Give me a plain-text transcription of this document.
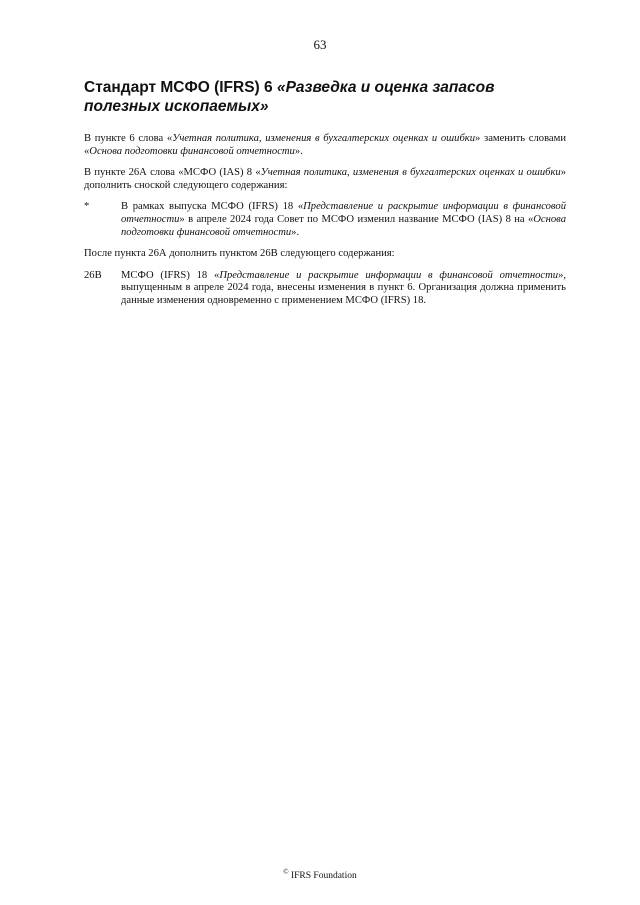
63
Стандарт МСФО (IFRS) 6 «Разведка и оценка запасов полезных ископаемых»

В пункте 6 слова «Учетная политика, изменения в бухгалтерских оценках и ошибки» заменить словами «Основа подготовки финансовой отчетности».

В пункте 26А слова «МСФО (IAS) 8 «Учетная политика, изменения в бухгалтерских оценках и ошибки» дополнить сноской следующего содержания:

*	В рамках выпуска МСФО (IFRS) 18 «Представление и раскрытие информации в финансовой отчетности» в апреле 2024 года Совет по МСФО изменил название МСФО (IAS) 8 на «Основа подготовки финансовой отчетности».

После пункта 26А дополнить пунктом 26В следующего содержания:

26В	МСФО (IFRS) 18 «Представление и раскрытие информации в финансовой отчетности», выпущенным в апреле 2024 года, внесены изменения в пункт 6. Организация должна применить данные изменения одновременно с применением МСФО (IFRS) 18.
© IFRS Foundation
